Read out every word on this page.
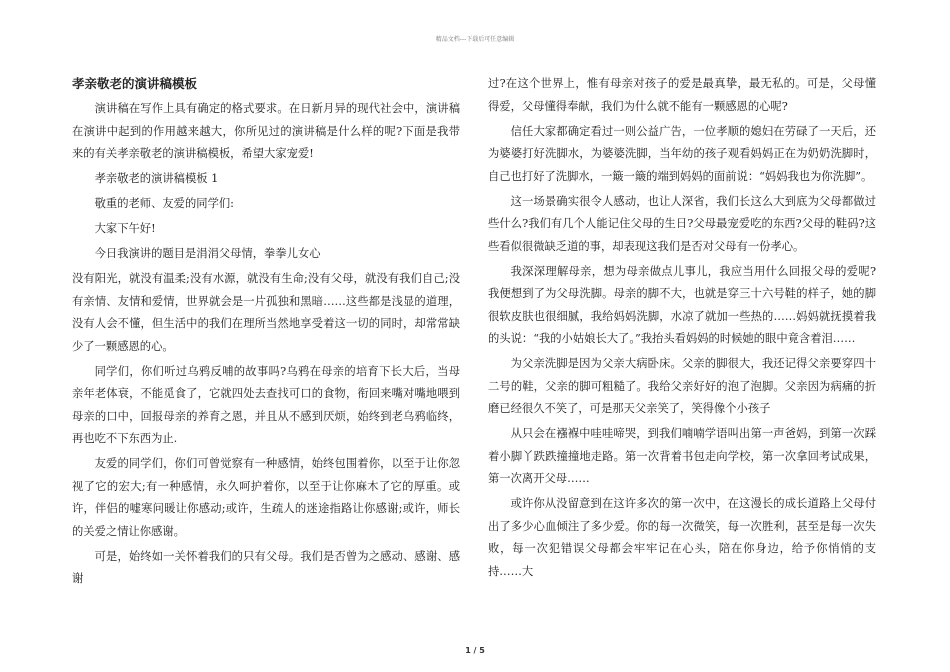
精品文档---下载后可任意编辑
孝亲敬老的演讲稿模板

演讲稿在写作上具有确定的格式要求。在日新月异的现代社会中，演讲稿在演讲中起到的作用越来越大，你所见过的演讲稿是什么样的呢?下面是我带来的有关孝亲敬老的演讲稿模板，希望大家宠爱!

孝亲敬老的演讲稿模板 1

敬重的老师、友爱的同学们:

大家下午好!

今日我演讲的题目是涓涓父母情，拳拳儿女心

没有阳光，就没有温柔;没有水源，就没有生命;没有父母，就没有我们自己;没有亲情、友情和爱情，世界就会是一片孤独和黑暗……这些都是浅显的道理，没有人会不懂，但生活中的我们在理所当然地享受着这一切的同时，却常常缺少了一颗感恩的心。

同学们，你们听过乌鸦反哺的故事吗?乌鸦在母亲的培育下长大后，当母亲年老体衰，不能觅食了，它就四处去查找可口的食物，衔回来嘴对嘴地喂到母亲的口中，回报母亲的养育之恩，并且从不感到厌烦，始终到老乌鸦临终，再也吃不下东西为止.

友爱的同学们，你们可曾觉察有一种感情，始终包围着你，以至于让你忽视了它的宏大;有一种感情，永久呵护着你，以至于让你麻木了它的厚重。或许，伴侣的嘘寒问暖让你感动;或许，生疏人的迷途指路让你感谢;或许，师长的关爱之情让你感谢。

可是，始终如一关怀着我们的只有父母。我们是否曾为之感动、感谢、感谢

过?在这个世界上，惟有母亲对孩子的爱是最真挚，最无私的。可是，父母懂得爱，父母懂得奉献，我们为什么就不能有一颗感恩的心呢?

信任大家都确定看过一则公益广告，一位孝顺的媳妇在劳碌了一天后，还为婆婆打好洗脚水，为婆婆洗脚，当年幼的孩子观看妈妈正在为奶奶洗脚时，自己也打好了洗脚水，一簸一簸的端到妈妈的面前说：“妈妈我也为你洗脚”。

这一场景确实很令人感动，也让人深省，我们长这么大到底为父母都做过些什么?我们有几个人能记住父母的生日?父母最宠爱吃的东西?父母的鞋码?这些看似很微缺乏道的事，却表现这我们是否对父母有一份孝心。

我深深理解母亲，想为母亲做点儿事儿，我应当用什么回报父母的爱呢?我便想到了为父母洗脚。母亲的脚不大，也就是穿三十六号鞋的样子，她的脚很软皮肤也很细腻，我给妈妈洗脚，水凉了就加一些热的……妈妈就抚摸着我的头说：“我的小姑娘长大了。”我抬头看妈妈的时候她的眼中竟含着泪……

为父亲洗脚是因为父亲大病卧床。父亲的脚很大，我还记得父亲要穿四十二号的鞋，父亲的脚可粗糙了。我给父亲好好的泡了泡脚。父亲因为病痛的折磨已经很久不笑了，可是那天父亲笑了，笑得像个小孩子

从只会在襁褓中哇哇啼哭，到我们喃喃学语叫出第一声爸妈，到第一次踩着小脚丫跌跌撞撞地走路。第一次背着书包走向学校，第一次拿回考试成果，第一次离开父母……

或许你从没留意到在这许多次的第一次中，在这漫长的成长道路上父母付出了多少心血倾注了多少爱。你的每一次微笑，每一次胜利，甚至是每一次失败，每一次犯错误父母都会牢牢记在心头，陪在你身边，给予你悄悄的支持……大

1 / 5
